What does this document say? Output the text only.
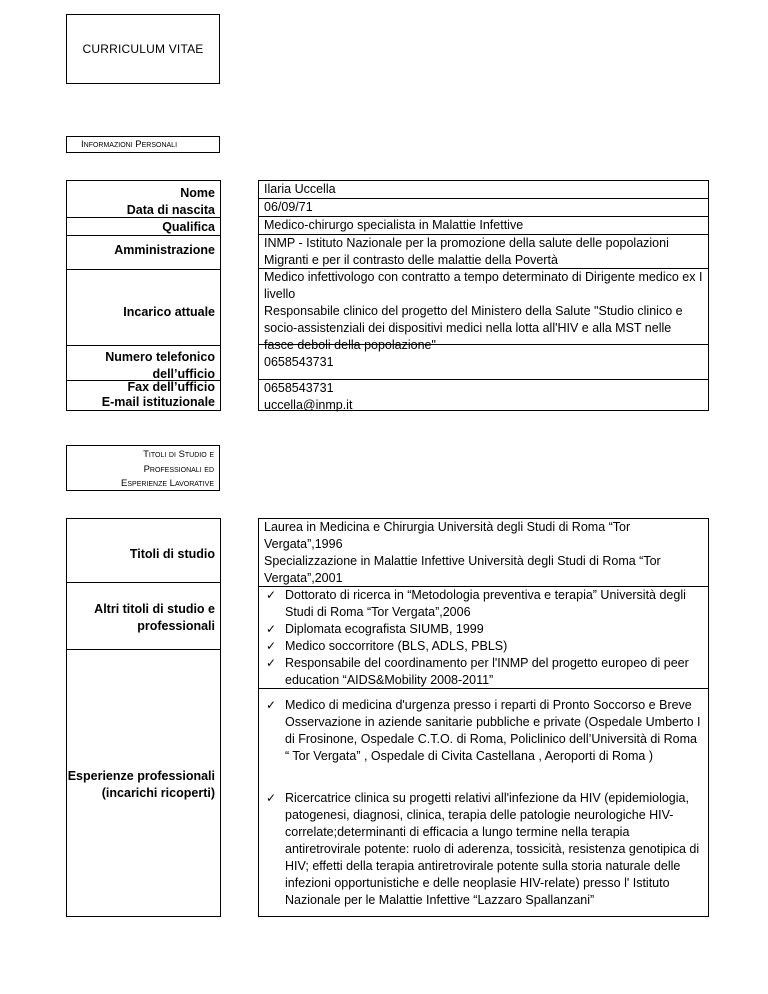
CURRICULUM VITAE
Informazioni Personali
Nome
Data di nascita
Qualifica
Amministrazione
Incarico attuale
Numero telefonico dell’ufficio
Fax dell’ufficio
E-mail istituzionale
Ilaria Uccella
06/09/71
Medico-chirurgo specialista in Malattie Infettive
INMP - Istituto Nazionale per la promozione della salute delle popolazioni Migranti e per il contrasto delle malattie della Povertà
Medico infettivologo con contratto a tempo determinato di Dirigente medico ex I livello
Responsabile clinico del progetto del Ministero della Salute "Studio clinico e socio-assistenziali dei dispositivi medici nella lotta all'HIV e alla MST nelle fasce deboli della popolazione"
0658543731
0658543731
uccella@inmp.it
Titoli di Studio e
Professionali ed
Esperienze Lavorative
Titoli di studio
Altri titoli di studio e professionali
Esperienze professionali (incarichi ricoperti)
Laurea in Medicina e Chirurgia Università degli Studi di Roma “Tor Vergata”,1996
Specializzazione in Malattie Infettive Università degli Studi di Roma “Tor Vergata”,2001
✓ Dottorato di ricerca in “Metodologia preventiva e terapia” Università degli Studi di Roma “Tor Vergata”,2006
✓ Diplomata ecografista SIUMB, 1999
✓ Medico soccorritore (BLS, ADLS, PBLS)
✓ Responsabile del coordinamento per l'INMP del progetto europeo di peer education “AIDS&Mobility 2008-2011”
✓ Medico di medicina d'urgenza presso i reparti di Pronto Soccorso e Breve Osservazione in aziende sanitarie pubbliche e private (Ospedale Umberto I di Frosinone, Ospedale C.T.O. di Roma, Policlinico dell’Università di Roma “ Tor Vergata” , Ospedale di Civita Castellana , Aeroporti di Roma )
✓ Ricercatrice clinica su progetti relativi all'infezione da HIV (epidemiologia, patogenesi, diagnosi, clinica, terapia delle patologie neurologiche HIV-correlate;determinanti di efficacia a lungo termine nella terapia antiretrovirale potente: ruolo di aderenza, tossicità, resistenza genotipica di HIV; effetti della terapia antiretrovirale potente sulla storia naturale delle infezioni opportunistiche e delle neoplasie HIV-relate) presso l' Istituto Nazionale per le Malattie Infettive “Lazzaro Spallanzani”
